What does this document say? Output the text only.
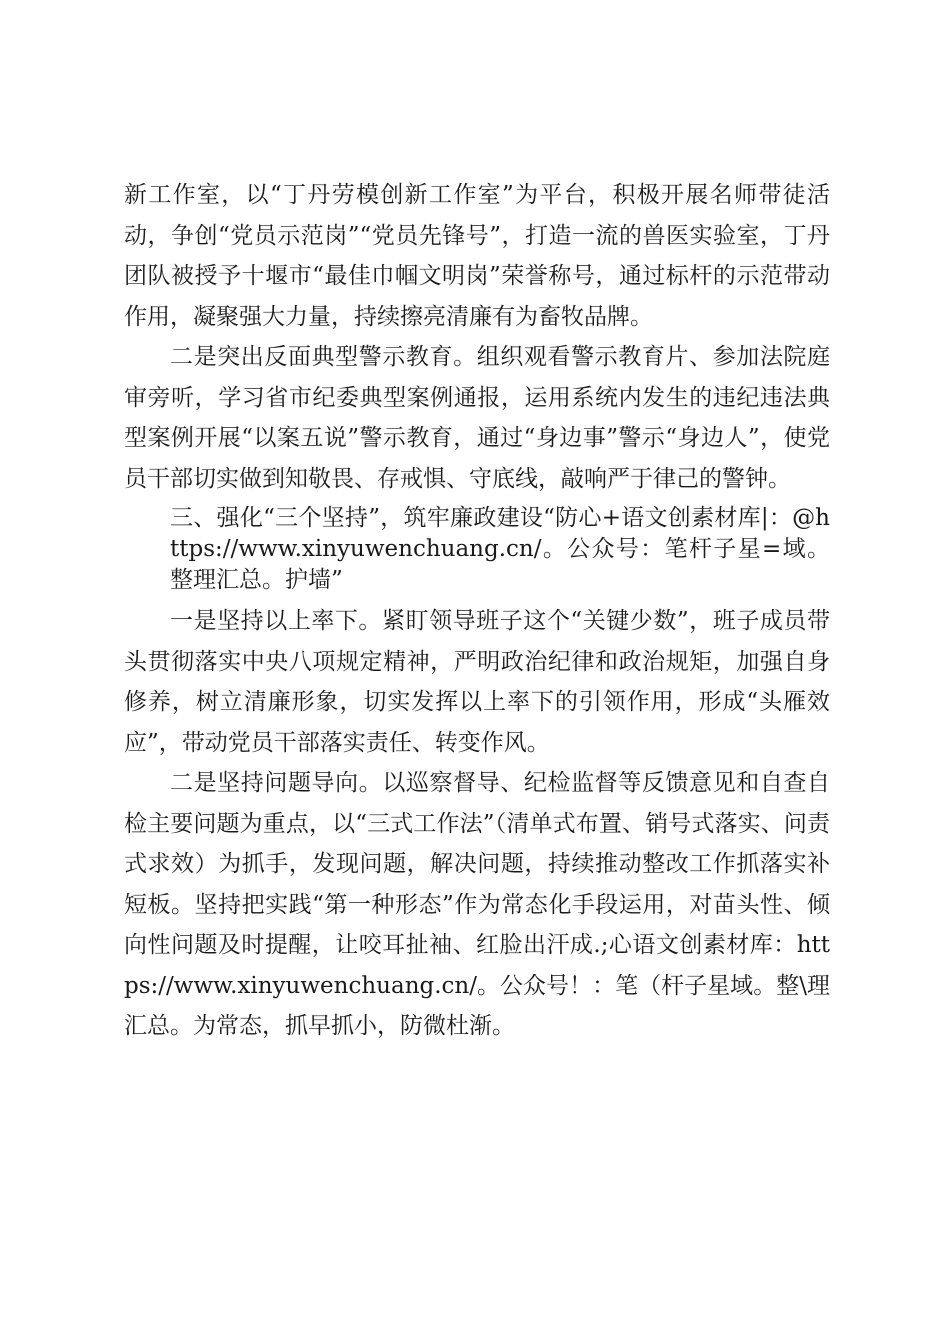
新工作室，以“丁丹劳模创新工作室”为平台，积极开展名师带徒活动，争创“党员示范岗”“党员先锋号”，打造一流的兽医实验室，丁丹团队被授予十堰市“最佳巾帼文明岗”荣誉称号，通过标杆的示范带动作用，凝聚强大力量，持续擦亮清廉有为畜牧品牌。

二是突出反面典型警示教育。组织观看警示教育片、参加法院庭审旁听，学习省市纪委典型案例通报，运用系统内发生的违纪违法典型案例开展“以案五说”警示教育，通过“身边事”警示“身边人”，使党员干部切实做到知敬畏、存戒惧、守底线，敲响严于律己的警钟。

三、强化“三个坚持”，筑牢廉政建设“防心+语文创素材库|：@https://www.xinyuwenchuang.cn/。公众号：笔杆子星=域。整理汇总。护墙”

一是坚持以上率下。紧盯领导班子这个“关键少数”，班子成员带头贯彻落实中央八项规定精神，严明政治纪律和政治规矩，加强自身修养，树立清廉形象，切实发挥以上率下的引领作用，形成“头雁效应”，带动党员干部落实责任、转变作风。

二是坚持问题导向。以巡察督导、纪检监督等反馈意见和自查自检主要问题为重点，以“三式工作法”（清单式布置、销号式落实、问责式求效）为抓手，发现问题，解决问题，持续推动整改工作抓落实补短板。坚持把实践“第一种形态”作为常态化手段运用，对苗头性、倾向性问题及时提醒，让咬耳扯袖、红脸出汗成.;心语文创素材库：https://www.xinyuwenchuang.cn/。公众号！：笔（杆子星域。整\理汇总。为常态，抓早抓小，防微杜渐。
